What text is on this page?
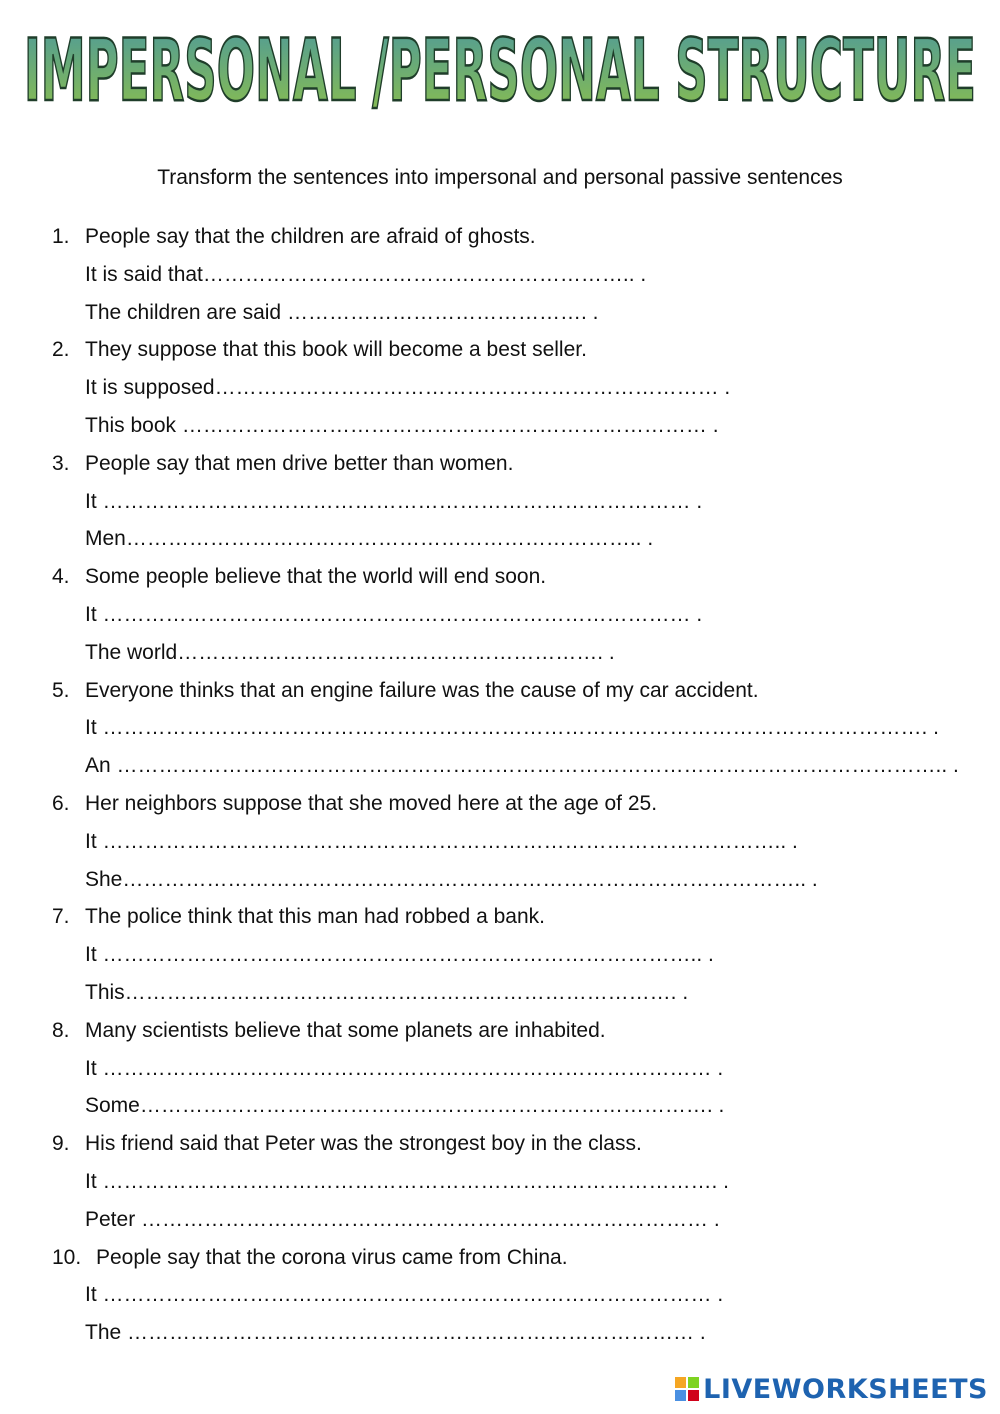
IMPERSONAL /PERSONAL STRUCTURE
Transform the sentences into impersonal and personal passive sentences
1. People say that the children are afraid of ghosts.
It is said that…………………………………………………….. .
The children are said ……………………………………. .
2. They suppose that this book will become a best seller.
It is supposed……………………………………………………………… .
This book ………………………………………………………………… .
3. People say that men drive better than women.
It ………………………………………………………………………… .
Men……………………………………………………………….. .
4. Some people believe that the world will end soon.
It ………………………………………………………………………… .
The world……………………………………………………. .
5. Everyone thinks that an engine failure was the cause of my car accident.
It ………………………………………………………………………………………………………. .
An ……………………………………………………………………………………………………….. .
6. Her neighbors suppose that she moved here at the age of 25.
It …………………………………………………………………………………….. .
She…………………………………………………………………………………….. .
7. The police think that this man had robbed a bank.
It ………………………………………………………………………….. .
This……………………………………………………………………. .
8. Many scientists believe that some planets are inhabited.
It …………………………………………………………………………… .
Some………………………………………………………………………. .
9. His friend said that Peter was the strongest boy in the class.
It ……………………………………………………………………………. .
Peter ……………………………………………………………………… .
10. People say that the corona virus came from China.
It …………………………………………………………………………… .
The ……………………………………………………………………… .
LIVEWORKSHEETS
